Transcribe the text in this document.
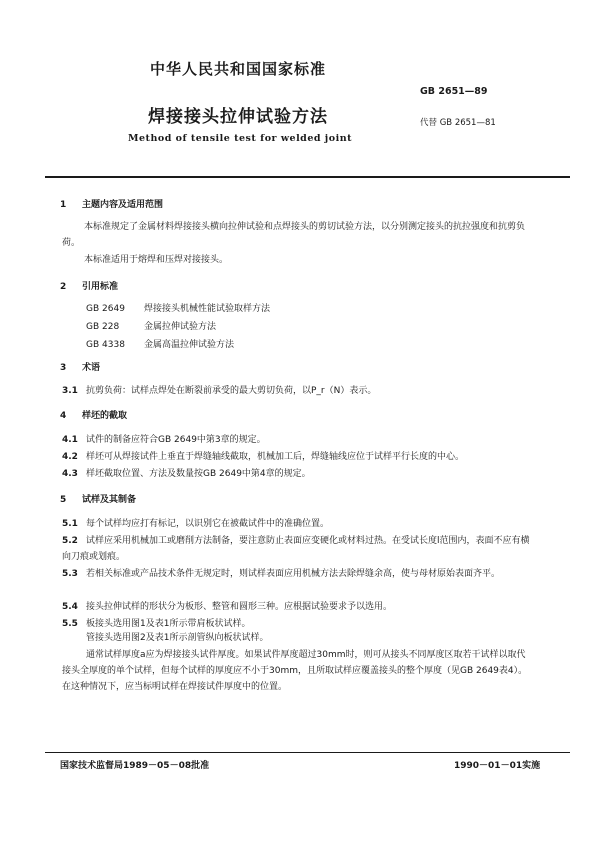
中华人民共和国国家标准
GB 2651—89
焊接接头拉伸试验方法	代替 GB 2651—81
Method of tensile test for welded joint
1 主题内容及适用范围
本标准规定了金属材料焊接接头横向拉伸试验和点焊接头的剪切试验方法，以分别测定接头的抗拉强度和抗剪负荷。
本标准适用于熔焊和压焊对接接头。
2 引用标准
GB 2649 焊接接头机械性能试验取样方法
GB 228	金属拉伸试验方法
GB 4338 金属高温拉伸试验方法
3 术语
3.1 抗剪负荷：试样点焊处在断裂前承受的最大剪切负荷，以P_r（N）表示。
4 样坯的截取
4.1 试件的制备应符合GB 2649中第3章的规定。
4.2 样坯可从焊接试件上垂直于焊缝轴线截取，机械加工后，焊缝轴线应位于试样平行长度的中心。
4.3 样坯截取位置、方法及数量按GB 2649中第4章的规定。
5 试样及其制备
5.1 每个试样均应打有标记，以识别它在被截试件中的准确位置。
5.2 试样应采用机械加工或磨削方法制备，要注意防止表面应变硬化或材料过热。在受试长度l范围内，表面不应有横向刀痕或划痕。
5.3 若相关标准或产品技术条件无规定时，则试样表面应用机械方法去除焊缝余高，使与母材原始表面齐平。
5.4 接头拉伸试样的形状分为板形、整管和圆形三种。应根据试验要求予以选用。
5.5 板接头选用图1及表1所示带肩板状试样。
管接头选用图2及表1所示剖管纵向板状试样。
通常试样厚度a应为焊接接头试件厚度。如果试件厚度超过30mm时，则可从接头不同厚度区取若干试样以取代接头全厚度的单个试样，但每个试样的厚度应不小于30mm，且所取试样应覆盖接头的整个厚度（见GB 2649表4）。在这种情况下，应当标明试样在焊接试件厚度中的位置。
国家技术监督局1989－05－08批准	1990－01－01实施
